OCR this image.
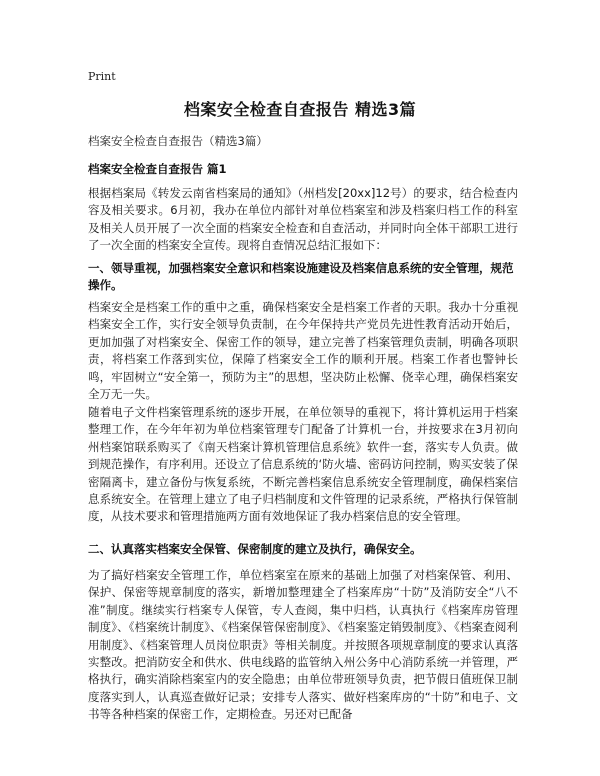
Print
档案安全检查自查报告 精选3篇
档案安全检查自查报告（精选3篇）
档案安全检查自查报告 篇1
根据档案局《转发云南省档案局的通知》（州档发[20xx]12号）的要求，结合检查内容及相关要求。6月初，我办在单位内部针对单位档案室和涉及档案归档工作的科室及相关人员开展了一次全面的档案安全检查和自查活动，并同时向全体干部职工进行了一次全面的档案安全宣传。现将自查情况总结汇报如下：
一、领导重视，加强档案安全意识和档案设施建设及档案信息系统的安全管理，规范操作。
档案安全是档案工作的重中之重，确保档案安全是档案工作者的天职。我办十分重视档案安全工作，实行安全领导负责制，在今年保持共产党员先进性教育活动开始后，更加加强了对档案安全、保密工作的领导，建立完善了档案管理负责制，明确各项职责，将档案工作落到实位，保障了档案安全工作的顺利开展。档案工作者也警钟长鸣，牢固树立“安全第一，预防为主”的思想，坚决防止松懈、侥幸心理，确保档案安全万无一失。
随着电子文件档案管理系统的逐步开展，在单位领导的重视下，将计算机运用于档案整理工作，在今年年初为单位档案管理专门配备了计算机一台，并按要求在3月初向州档案馆联系购买了《南天档案计算机管理信息系统》软件一套，落实专人负责。做到规范操作，有序利用。还设立了信息系统的‘防火墙、密码访问控制，购买安装了保密隔离卡，建立备份与恢复系统，不断完善档案信息系统安全管理制度，确保档案信息系统安全。在管理上建立了电子归档制度和文件管理的记录系统，严格执行保管制度，从技术要求和管理措施两方面有效地保证了我办档案信息的安全管理。
二、认真落实档案安全保管、保密制度的建立及执行，确保安全。
为了搞好档案安全管理工作，单位档案室在原来的基础上加强了对档案保管、利用、保护、保密等规章制度的落实，新增加整理建全了档案库房“十防”及消防安全“八不准”制度。继续实行档案专人保管，专人查阅，集中归档，认真执行《档案库房管理制度》、《档案统计制度》、《档案保管保密制度》、《档案鉴定销毁制度》、《档案查阅利用制度》、《档案管理人员岗位职责》等相关制度。并按照各项规章制度的要求认真落实整改。把消防安全和供水、供电线路的监管纳入州公务中心消防系统一并管理，严格执行，确实消除档案室内的安全隐患；由单位带班领导负责，把节假日值班保卫制度落实到人，认真巡查做好记录；安排专人落实、做好档案库房的“十防”和电子、文书等各种档案的保密工作，定期检查。另还对已配备
